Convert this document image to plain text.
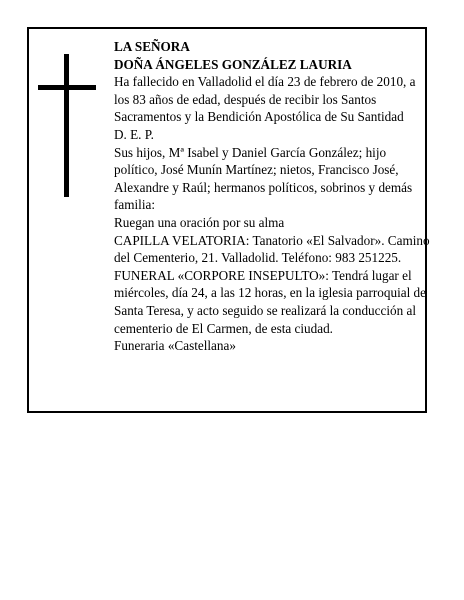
LA SEÑORA

DOÑA ÁNGELES GONZÁLEZ LAURIA

Ha fallecido en Valladolid el día 23 de febrero de 2010, a los 83 años de edad, después de recibir los Santos Sacramentos y la Bendición Apostólica de Su Santidad

D. E. P.

Sus hijos, Mª Isabel y Daniel García González; hijo político, José Munín Martínez; nietos, Francisco José, Alexandre y Raúl; hermanos políticos, sobrinos y demás familia:

Ruegan una oración por su alma

CAPILLA VELATORIA: Tanatorio «El Salvador». Camino del Cementerio, 21. Valladolid. Teléfono: 983 251225.

FUNERAL «CORPORE INSEPULTO»: Tendrá lugar el miércoles, día 24, a las 12 horas, en la iglesia parroquial de Santa Teresa, y acto seguido se realizará la conducción al cementerio de El Carmen, de esta ciudad.

Funeraria «Castellana»
